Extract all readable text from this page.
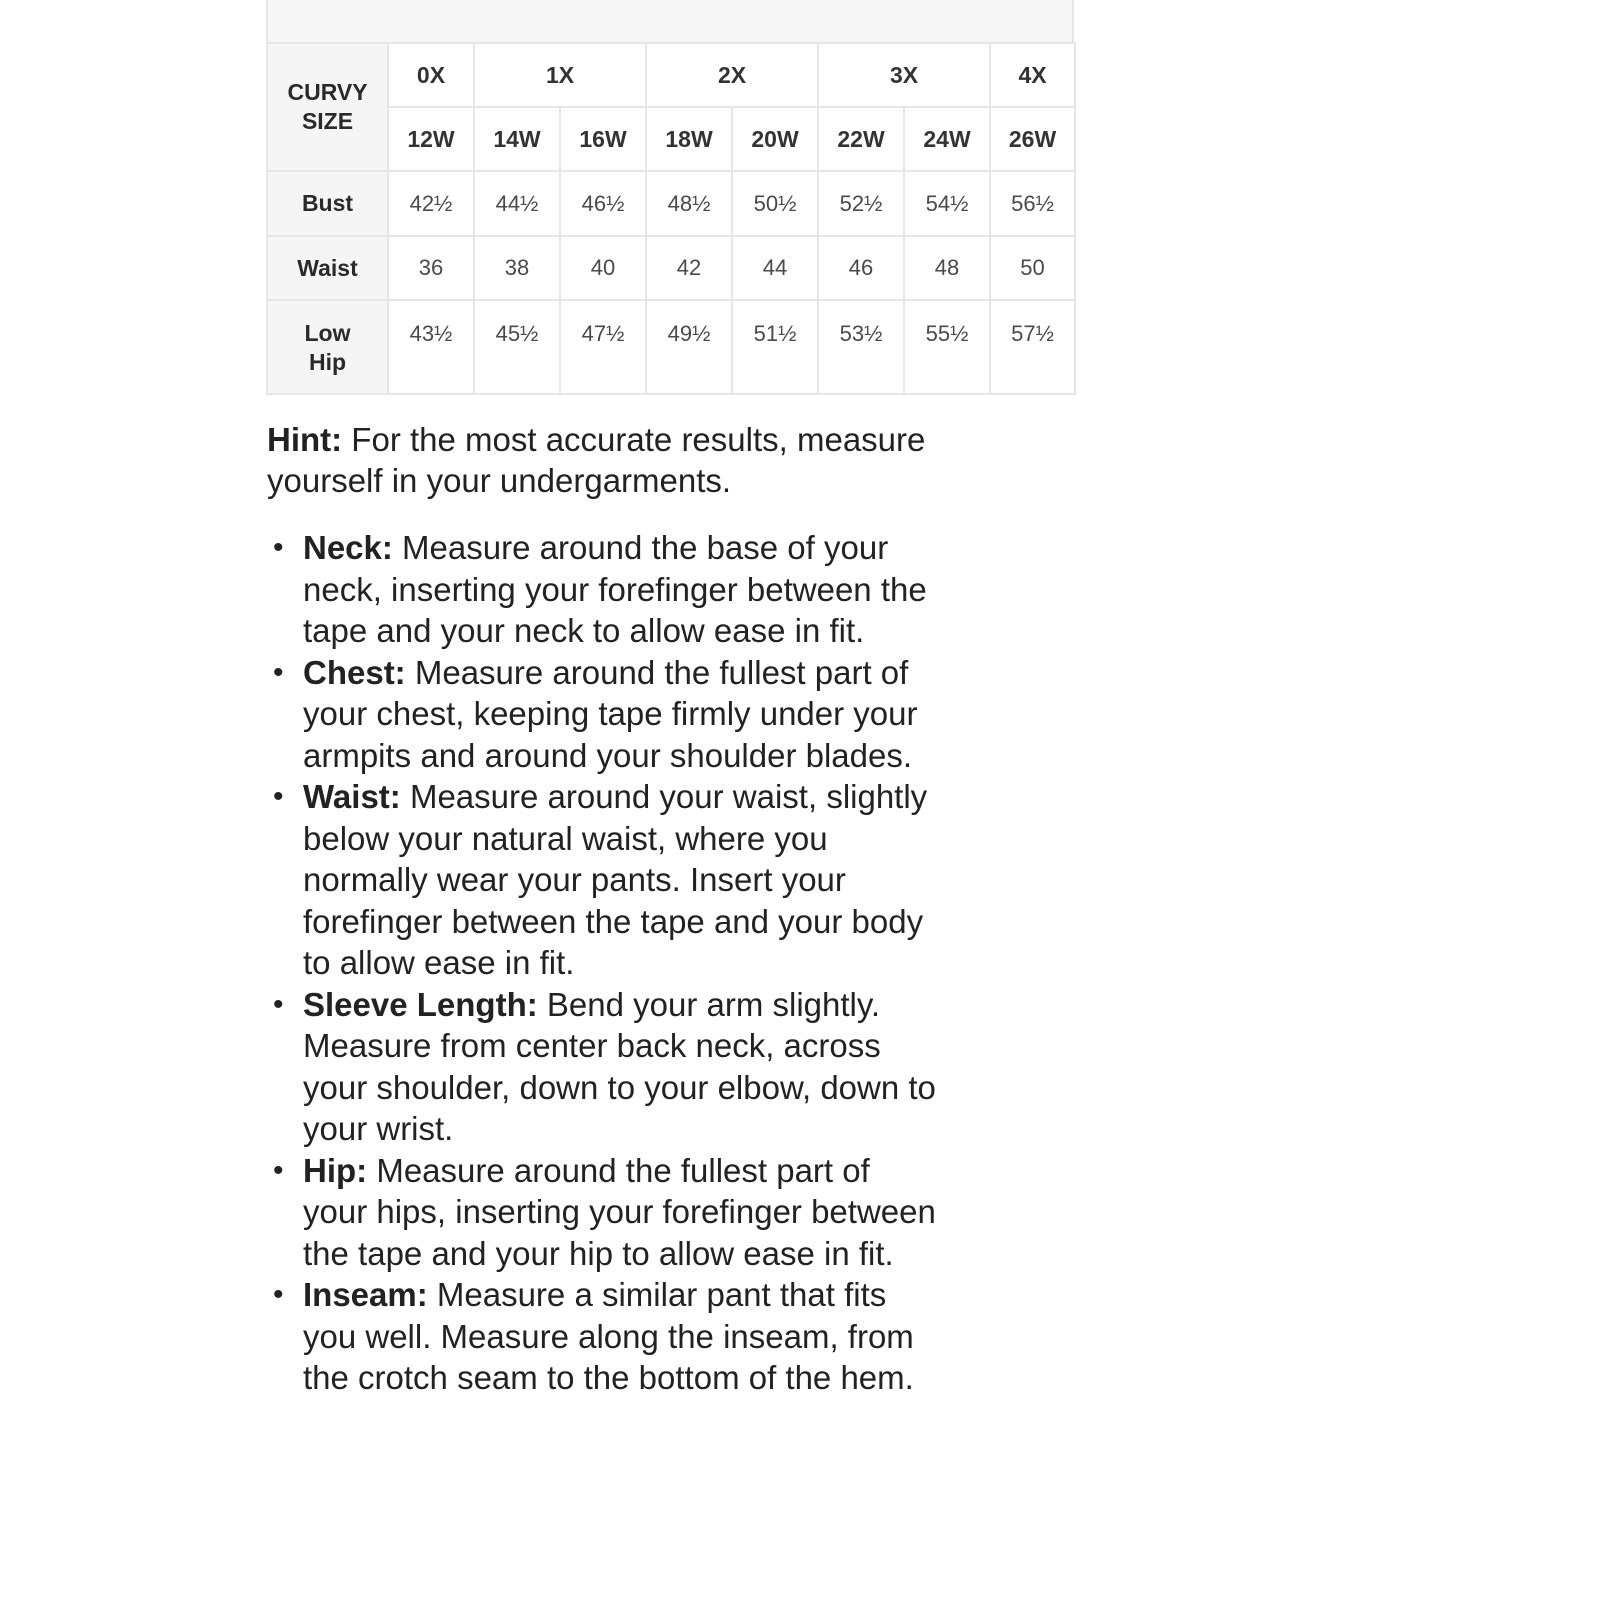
CURVY SIZE	0X	1X		2X		3X		4X
	12W	14W	16W	18W	20W	22W	24W	26W
Bust	42½	44½	46½	48½	50½	52½	54½	56½
Waist	36	38	40	42	44	46	48	50
Low Hip	43½	45½	47½	49½	51½	53½	55½	57½

Hint: For the most accurate results, measure yourself in your undergarments.

• Neck: Measure around the base of your neck, inserting your forefinger between the tape and your neck to allow ease in fit.
• Chest: Measure around the fullest part of your chest, keeping tape firmly under your armpits and around your shoulder blades.
• Waist: Measure around your waist, slightly below your natural waist, where you normally wear your pants. Insert your forefinger between the tape and your body to allow ease in fit.
• Sleeve Length: Bend your arm slightly. Measure from center back neck, across your shoulder, down to your elbow, down to your wrist.
• Hip: Measure around the fullest part of your hips, inserting your forefinger between the tape and your hip to allow ease in fit.
• Inseam: Measure a similar pant that fits you well. Measure along the inseam, from the crotch seam to the bottom of the hem.
